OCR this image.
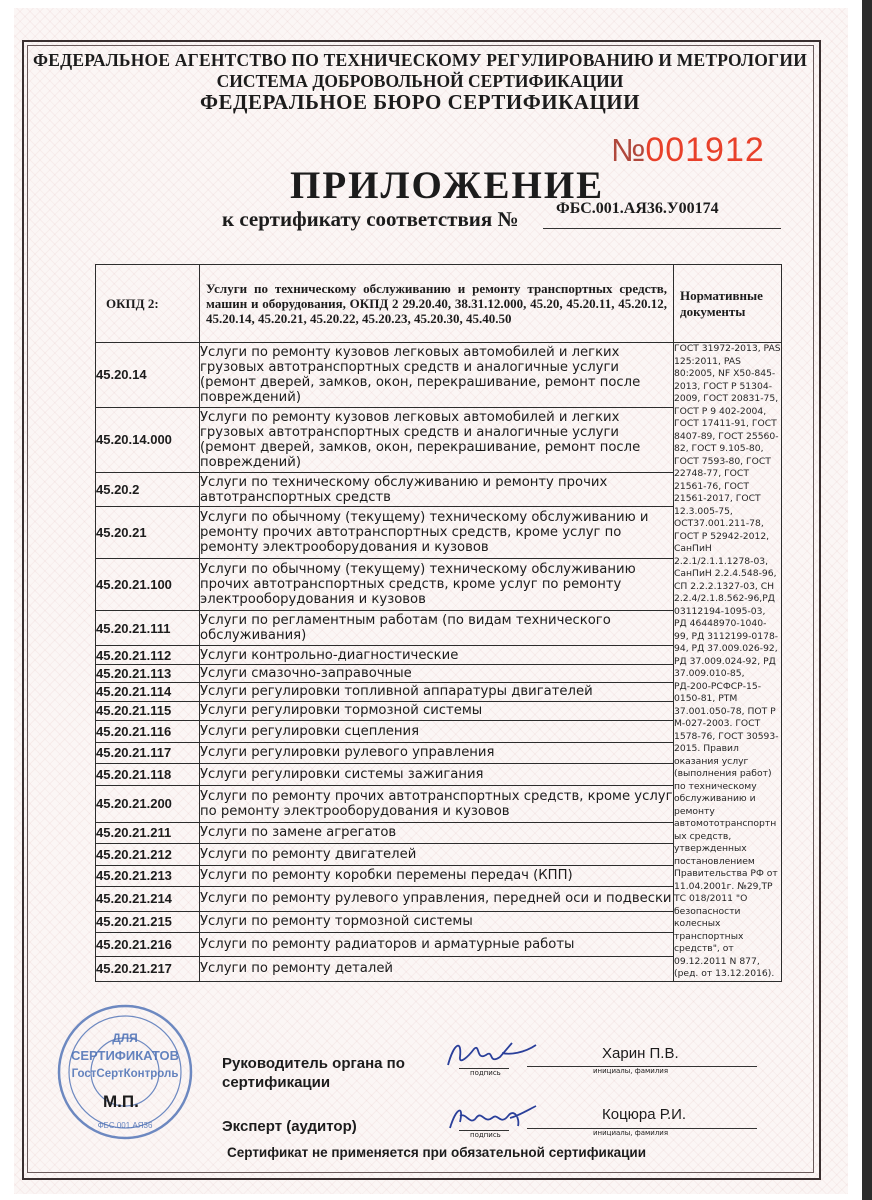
ФЕДЕРАЛЬНОЕ АГЕНТСТВО ПО ТЕХНИЧЕСКОМУ РЕГУЛИРОВАНИЮ И МЕТРОЛОГИИ
СИСТЕМА ДОБРОВОЛЬНОЙ СЕРТИФИКАЦИИ
ФЕДЕРАЛЬНОЕ БЮРО СЕРТИФИКАЦИИ
№001912
ПРИЛОЖЕНИЕ
к сертификату соответствия № ФБС.001.АЯ36.У00174
ОКПД 2:	Услуги по техническому обслуживанию и ремонту транспортных средств, машин и оборудования, ОКПД 2 29.20.40, 38.31.12.000, 45.20, 45.20.11, 45.20.12, 45.20.14, 45.20.21, 45.20.22, 45.20.23, 45.20.30, 45.40.50	Нормативные документы
45.20.14	Услуги по ремонту кузовов легковых автомобилей и легких грузовых автотранспортных средств и аналогичные услуги (ремонт дверей, замков, окон, перекрашивание, ремонт после повреждений)	ГОСТ 31972-2013, PAS 125:2011, PAS 80:2005, NF X50-845-2013, ГОСТ Р 51304-2009, ГОСТ 20831-75, ГОСТ Р 9 402-2004, ГОСТ 17411-91, ГОСТ 8407-89, ГОСТ 25560-82, ГОСТ 9.105-80, ГОСТ 7593-80, ГОСТ 22748-77, ГОСТ 21561-76, ГОСТ 21561-2017, ГОСТ 12.3.005-75, ОСТ37.001.211-78, ГОСТ Р 52942-2012, СанПиН 2.2.1/2.1.1.1278-03, СанПиН 2.2.4.548-96, СП 2.2.2.1327-03, СН 2.2.4/2.1.8.562-96,РД 03112194-1095-03, РД 46448970-1040-99, РД 3112199-0178-94, РД 37.009.026-92, РД 37.009.024-92, РД 37.009.010-85, РД-200-РСФСР-15-0150-81, РТМ 37.001.050-78, ПОТ Р М-027-2003. ГОСТ 1578-76, ГОСТ 30593-2015. Правил оказания услуг (выполнения работ) по техническому обслуживанию и ремонту автомототранспортных средств, утвержденных постановлением Правительства РФ от 11.04.2001г. №29,ТР ТС 018/2011 "О безопасности колесных транспортных средств", от 09.12.2011 N 877, (ред. от 13.12.2016).
45.20.14.000	Услуги по ремонту кузовов легковых автомобилей и легких грузовых автотранспортных средств и аналогичные услуги (ремонт дверей, замков, окон, перекрашивание, ремонт после повреждений)	
45.20.2	Услуги по техническому обслуживанию и ремонту прочих автотранспортных средств	
45.20.21	Услуги по обычному (текущему) техническому обслуживанию и ремонту прочих автотранспортных средств, кроме услуг по ремонту электрооборудования и кузовов	
45.20.21.100	Услуги по обычному (текущему) техническому обслуживанию прочих автотранспортных средств, кроме услуг по ремонту электрооборудования и кузовов	
45.20.21.111	Услуги по регламентным работам (по видам технического обслуживания)	
45.20.21.112	Услуги контрольно-диагностические	
45.20.21.113	Услуги смазочно-заправочные	
45.20.21.114	Услуги регулировки топливной аппаратуры двигателей	
45.20.21.115	Услуги регулировки тормозной системы	
45.20.21.116	Услуги регулировки сцепления	
45.20.21.117	Услуги регулировки рулевого управления	
45.20.21.118	Услуги регулировки системы зажигания	
45.20.21.200	Услуги по ремонту прочих автотранспортных средств, кроме услуг по ремонту электрооборудования и кузовов	
45.20.21.211	Услуги по замене агрегатов	
45.20.21.212	Услуги по ремонту двигателей	
45.20.21.213	Услуги по ремонту коробки перемены передач (КПП)	
45.20.21.214	Услуги по ремонту рулевого управления, передней оси и подвески	
45.20.21.215	Услуги по ремонту тормозной системы	
45.20.21.216	Услуги по ремонту радиаторов и арматурные работы	
45.20.21.217	Услуги по ремонту деталей	
ДЛЯ
СЕРТИФИКАТОВ
ГостСертКонтроль
ФБС.001.АЯ36
М.П.
Руководитель органа по сертификации
подпись
Харин П.В.
инициалы, фамилия
Эксперт (аудитор)	подпись
Коцюра Р.И.
инициалы, фамилия
Сертификат не применяется при обязательной сертификации
